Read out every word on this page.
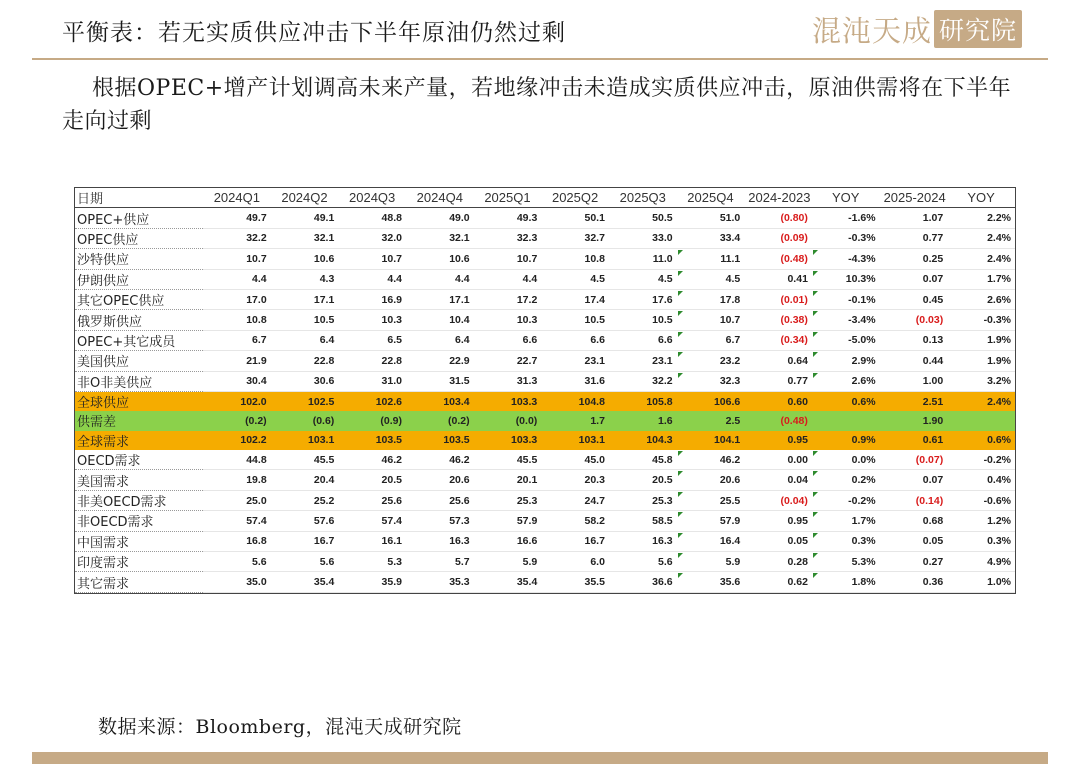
平衡表：若无实质供应冲击下半年原油仍然过剩	混沌天成 研究院
根据OPEC+增产计划调高未来产量，若地缘冲击未造成实质供应冲击，原油供需将在下半年走向过剩
日期	2024Q1	2024Q2	2024Q3	2024Q4	2025Q1	2025Q2	2025Q3	2025Q4	2024-2023	YOY	2025-2024	YOY
OPEC+供应	49.7	49.1	48.8	49.0	49.3	50.1	50.5	51.0	(0.80)	-1.6%	1.07	2.2%
OPEC供应	32.2	32.1	32.0	32.1	32.3	32.7	33.0	33.4	(0.09)	-0.3%	0.77	2.4%
沙特供应	10.7	10.6	10.7	10.6	10.7	10.8	11.0	11.1	(0.48)	-4.3%	0.25	2.4%
伊朗供应	4.4	4.3	4.4	4.4	4.4	4.5	4.5	4.5	0.41	10.3%	0.07	1.7%
其它OPEC供应	17.0	17.1	16.9	17.1	17.2	17.4	17.6	17.8	(0.01)	-0.1%	0.45	2.6%
俄罗斯供应	10.8	10.5	10.3	10.4	10.3	10.5	10.5	10.7	(0.38)	-3.4%	(0.03)	-0.3%
OPEC+其它成员	6.7	6.4	6.5	6.4	6.6	6.6	6.6	6.7	(0.34)	-5.0%	0.13	1.9%
美国供应	21.9	22.8	22.8	22.9	22.7	23.1	23.1	23.2	0.64	2.9%	0.44	1.9%
非O非美供应	30.4	30.6	31.0	31.5	31.3	31.6	32.2	32.3	0.77	2.6%	1.00	3.2%
全球供应	102.0	102.5	102.6	103.4	103.3	104.8	105.8	106.6	0.60	0.6%	2.51	2.4%
供需差	(0.2)	(0.6)	(0.9)	(0.2)	(0.0)	1.7	1.6	2.5	(0.48)		1.90	
全球需求	102.2	103.1	103.5	103.5	103.3	103.1	104.3	104.1	0.95	0.9%	0.61	0.6%
OECD需求	44.8	45.5	46.2	46.2	45.5	45.0	45.8	46.2	0.00	0.0%	(0.07)	-0.2%
美国需求	19.8	20.4	20.5	20.6	20.1	20.3	20.5	20.6	0.04	0.2%	0.07	0.4%
非美OECD需求	25.0	25.2	25.6	25.6	25.3	24.7	25.3	25.5	(0.04)	-0.2%	(0.14)	-0.6%
非OECD需求	57.4	57.6	57.4	57.3	57.9	58.2	58.5	57.9	0.95	1.7%	0.68	1.2%
中国需求	16.8	16.7	16.1	16.3	16.6	16.7	16.3	16.4	0.05	0.3%	0.05	0.3%
印度需求	5.6	5.6	5.3	5.7	5.9	6.0	5.6	5.9	0.28	5.3%	0.27	4.9%
其它需求	35.0	35.4	35.9	35.3	35.4	35.5	36.6	35.6	0.62	1.8%	0.36	1.0%
数据来源：Bloomberg，混沌天成研究院
